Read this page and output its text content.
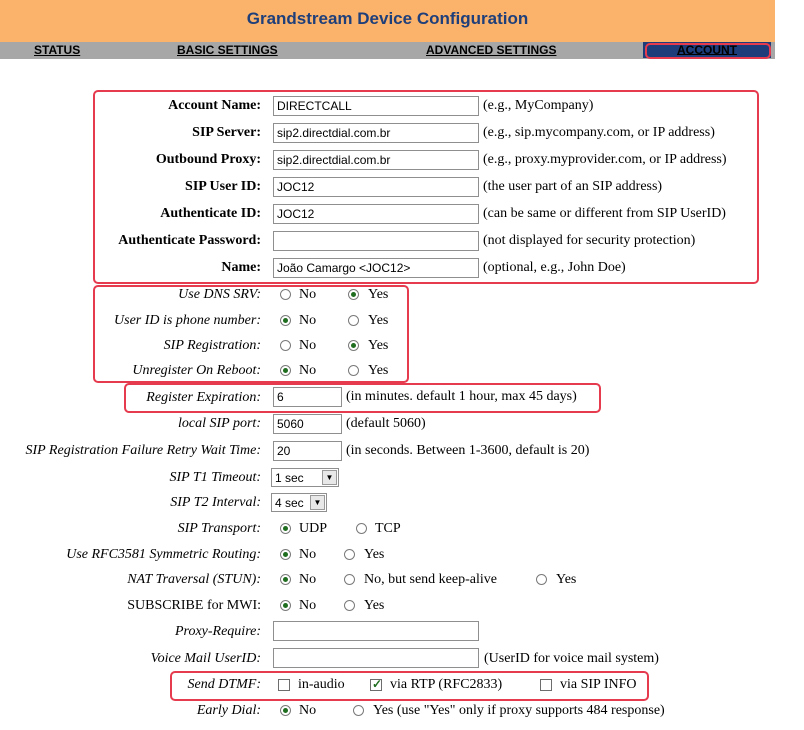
Grandstream Device Configuration
STATUS	BASIC SETTINGS	ADVANCED SETTINGS	ACCOUNT
Account Name:
DIRECTCALL	(e.g., MyCompany)
SIP Server:
sip2.directdial.com.br	(e.g., sip.mycompany.com, or IP address)
Outbound Proxy:
sip2.directdial.com.br	(e.g., proxy.myprovider.com, or IP address)
SIP User ID:
JOC12	(the user part of an SIP address)
Authenticate ID:
JOC12	(can be same or different from SIP UserID)
Authenticate Password:	(not displayed for security protection)
Name:
João Camargo <JOC12>	(optional, e.g., John Doe)
Use DNS SRV:	No	Yes
User ID is phone number:	No	Yes
SIP Registration:	No	Yes
Unregister On Reboot:	No	Yes
Register Expiration:
6	(in minutes. default 1 hour, max 45 days)
local SIP port:
5060	(default 5060)
SIP Registration Failure Retry Wait Time:
20	(in seconds. Between 1-3600, default is 20)
SIP T1 Timeout: 1 sec	▼
SIP T2 Interval: 4 sec	▼
SIP Transport:	UDP	TCP
Use RFC3581 Symmetric Routing:	No	Yes
NAT Traversal (STUN):	No	No, but send keep-alive	Yes
SUBSCRIBE for MWI:	No	Yes
Proxy-Require:
Voice Mail UserID:	(UserID for voice mail system)
Send DTMF:	in-audio
✓	via RTP (RFC2833)	via SIP INFO
Early Dial:	No	Yes (use "Yes" only if proxy supports 484 response)
